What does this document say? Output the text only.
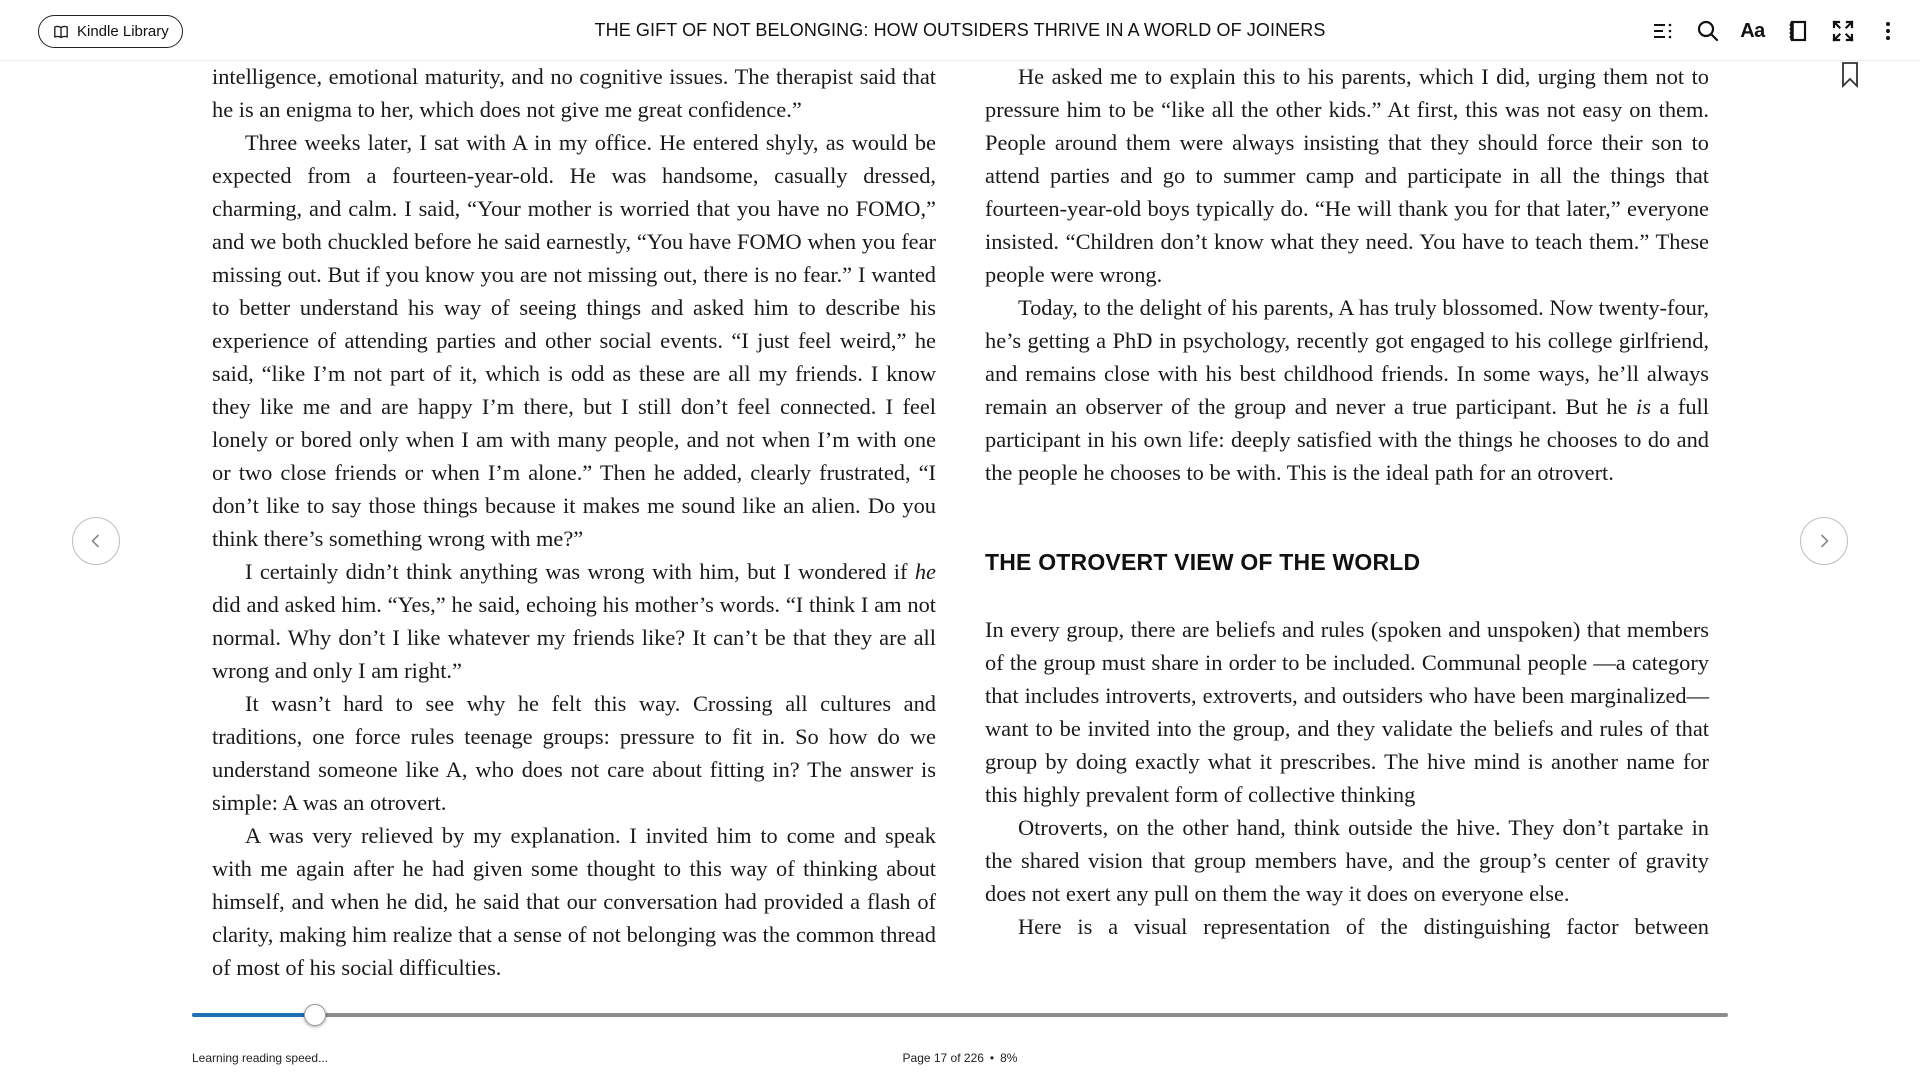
Kindle Library	THE GIFT OF NOT BELONGING: HOW OUTSIDERS THRIVE IN A WORLD OF JOINERS	Aa

intelligence, emotional maturity, and no cognitive issues. The therapist said that he is an enigma to her, which does not give me great confidence.”

Three weeks later, I sat with A in my office. He entered shyly, as would be expected from a fourteen-year-old. He was handsome, casually dressed, charming, and calm. I said, “Your mother is worried that you have no FOMO,” and we both chuckled before he said earnestly, “You have FOMO when you fear missing out. But if you know you are not missing out, there is no fear.” I wanted to better understand his way of seeing things and asked him to describe his experience of attending parties and other social events. “I just feel weird,” he said, “like I’m not part of it, which is odd as these are all my friends. I know they like me and are happy I’m there, but I still don’t feel connected. I feel lonely or bored only when I am with many people, and not when I’m with one or two close friends or when I’m alone.” Then he added, clearly frustrated, “I don’t like to say those things because it makes me sound like an alien. Do you think there’s something wrong with me?”

I certainly didn’t think anything was wrong with him, but I wondered if he did and asked him. “Yes,” he said, echoing his mother’s words. “I think I am not normal. Why don’t I like whatever my friends like? It can’t be that they are all wrong and only I am right.”

It wasn’t hard to see why he felt this way. Crossing all cultures and traditions, one force rules teenage groups: pressure to fit in. So how do we understand someone like A, who does not care about fitting in? The answer is simple: A was an otrovert.

A was very relieved by my explanation. I invited him to come and speak with me again after he had given some thought to this way of thinking about himself, and when he did, he said that our conversation had provided a flash of clarity, making him realize that a sense of not belonging was the common thread of most of his social difficulties.

He asked me to explain this to his parents, which I did, urging them not to pressure him to be “like all the other kids.” At first, this was not easy on them. People around them were always insisting that they should force their son to attend parties and go to summer camp and participate in all the things that fourteen-year-old boys typically do. “He will thank you for that later,” everyone insisted. “Children don’t know what they need. You have to teach them.” These people were wrong.

Today, to the delight of his parents, A has truly blossomed. Now twenty-four, he’s getting a PhD in psychology, recently got engaged to his college girlfriend, and remains close with his best childhood friends. In some ways, he’ll always remain an observer of the group and never a true participant. But he is a full participant in his own life: deeply satisfied with the things he chooses to do and the people he chooses to be with. This is the ideal path for an otrovert.

THE OTROVERT VIEW OF THE WORLD

In every group, there are beliefs and rules (spoken and unspoken) that members of the group must share in order to be included. Communal people —a category that includes introverts, extroverts, and outsiders who have been marginalized—want to be invited into the group, and they validate the beliefs and rules of that group by doing exactly what it prescribes. The hive mind is another name for this highly prevalent form of collective thinking

Otroverts, on the other hand, think outside the hive. They don’t partake in the shared vision that group members have, and the group’s center of gravity does not exert any pull on them the way it does on everyone else.

Here is a visual representation of the distinguishing factor between

Learning reading speed...	Page 17 of 226 • 8%
